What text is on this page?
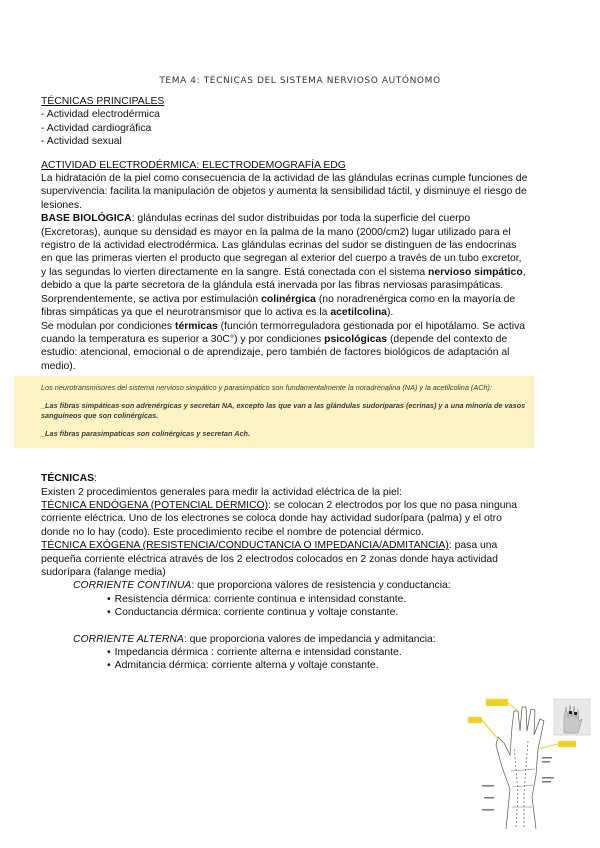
TEMA 4: TÉCNICAS DEL SISTEMA NERVIOSO AUTÓNOMO

TÉCNICAS PRINCIPALES

- Actividad electrodérmica

- Actividad cardiográfica

- Actividad sexual

ACTIVIDAD ELECTRODÉRMICA: ELECTRODEMOGRAFÍA EDG

La hidratación de la piel como consecuencia de la actividad de las glándulas ecrinas cumple funciones de supervivencia: facilita la manipulación de objetos y aumenta la sensibilidad táctil, y disminuye el riesgo de lesiones.

BASE BIOLÓGICA: glándulas ecrinas del sudor distribuidas por toda la superficie del cuerpo (Excretoras), aunque su densidad es mayor en la palma de la mano (2000/cm2) lugar utilizado para el registro de la actividad electrodérmica. Las glándulas ecrinas del sudor se distinguen de las endocrinas en que las primeras vierten el producto que segregan al exterior del cuerpo a través de un tubo excretor, y las segundas lo vierten directamente en la sangre. Está conectada con el sistema nervioso simpático, debido a que la parte secretora de la glándula está inervada por las fibras nerviosas parasimpáticas. Sorprendentemente, se activa por estimulación colinérgica (no noradrenérgica como en la mayoría de fibras simpáticas ya que el neurotransmisor que lo activa es la acetilcolina).

Se modulan por condiciones térmicas (función termorreguladora gestionada por el hipotálamo. Se activa cuando la temperatura es superior a 30C°) y por condiciones psicológicas (depende del contexto de estudio: atencional, emocional o de aprendizaje, pero también de factores biológicos de adaptación al medio).

Los neurotransmisores del sistema nervioso simpático y parasimpático son fundamentalmente la noradrenalina (NA) y la acetilcolina (ACh):

_Las fibras simpáticas son adrenérgicas y secretan NA, excepto las que van a las glándulas sudoríparas (ecrinas) y a una minoría de vasos sanguíneos que son colinérgicas.

_Las fibras parasimpaticas son colinérgicas y secretan Ach.

TÉCNICAS:

Existen 2 procedimientos generales para medir la actividad eléctrica de la piel:

TÉCNICA ENDÓGENA (POTENCIAL DÉRMICO): se colocan 2 electrodos por los que no pasa ninguna corriente eléctrica. Uno de los electrones se coloca donde hay actividad sudorípara (palma) y el otro donde no lo hay (codo). Este procedimiento recibe el nombre de potencial dérmico.

TÉCNICA EXÓGENA (RESISTENCIA/CONDUCTANCIA O IMPEDANCIA/ADMITANCIA): pasa una pequeña corriente eléctrica através de los 2 electrodos colocados en 2 zonas donde haya actividad sudorípara (falange media)

CORRIENTE CONTINUA: que proporciona valores de resistencia y conductancia:

• Resistencia dérmica: corriente continua e intensidad constante.

• Conductancia dérmica: corriente continua y voltaje constante.

CORRIENTE ALTERNA: que proporciona valores de impedancia y admitancia:

• Impedancia dérmica : corriente alterna e intensidad constante.

• Admitancia dérmica: corriente alterna y voltaje constante.
